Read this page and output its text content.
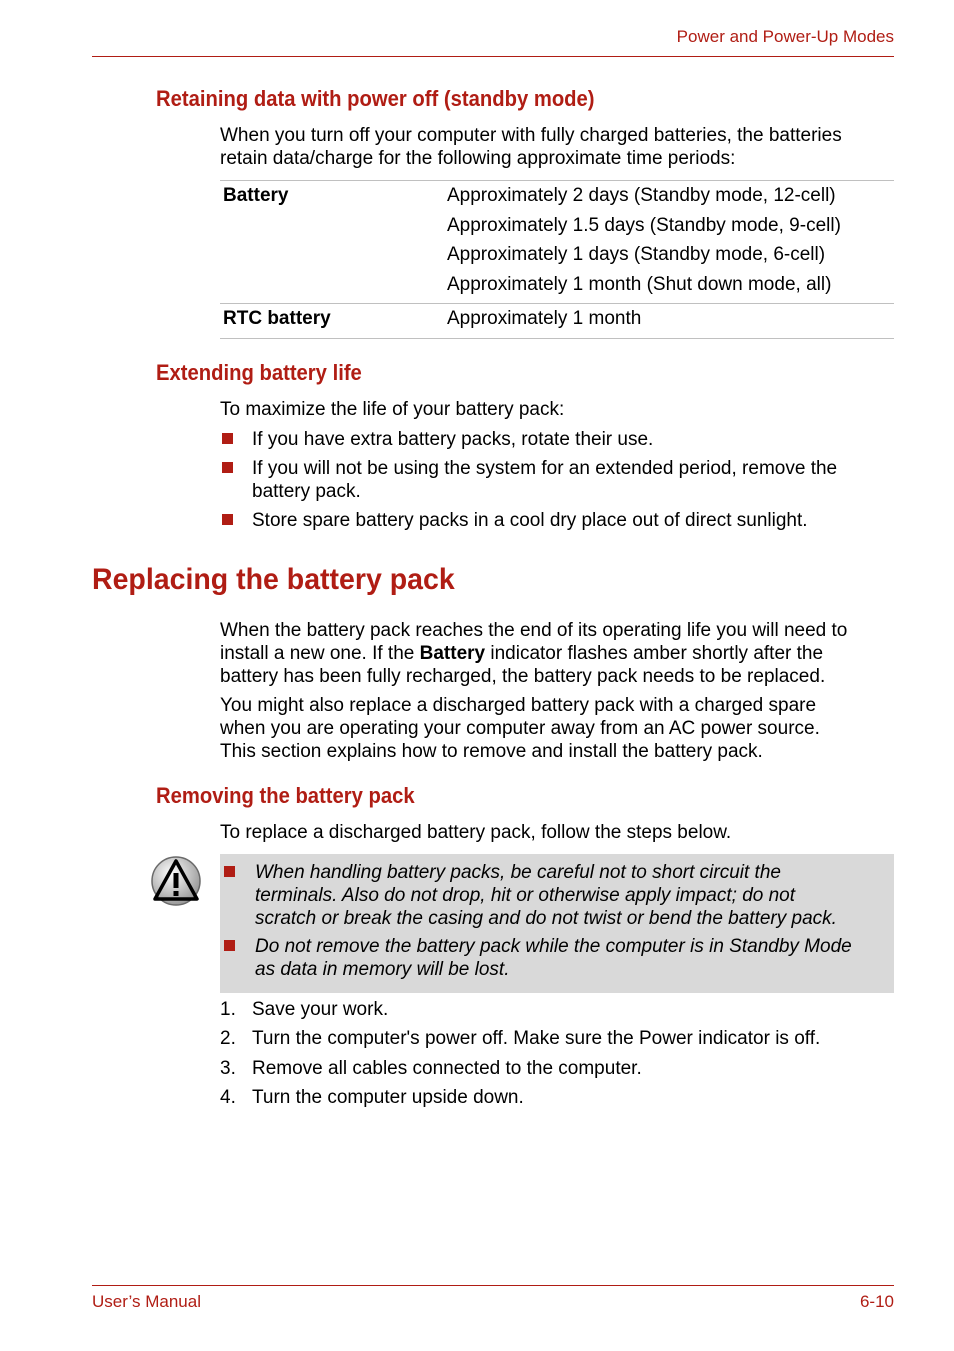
Power and Power-Up Modes
Retaining data with power off (standby mode)
When you turn off your computer with fully charged batteries, the batteries
retain data/charge for the following approximate time periods:
Battery	Approximately 2 days (Standby mode, 12-cell)
Approximately 1.5 days (Standby mode, 9-cell)
Approximately 1 days (Standby mode, 6-cell)
Approximately 1 month (Shut down mode, all)
RTC battery	Approximately 1 month
Extending battery life
To maximize the life of your battery pack:
If you have extra battery packs, rotate their use.
If you will not be using the system for an extended period, remove the
battery pack.
Store spare battery packs in a cool dry place out of direct sunlight.
Replacing the battery pack
When the battery pack reaches the end of its operating life you will need to
install a new one. If the Battery indicator flashes amber shortly after the
battery has been fully recharged, the battery pack needs to be replaced.
You might also replace a discharged battery pack with a charged spare
when you are operating your computer away from an AC power source.
This section explains how to remove and install the battery pack.
Removing the battery pack
To replace a discharged battery pack, follow the steps below.
When handling battery packs, be careful not to short circuit the
terminals. Also do not drop, hit or otherwise apply impact; do not
scratch or break the casing and do not twist or bend the battery pack.
Do not remove the battery pack while the computer is in Standby Mode
as data in memory will be lost.
1. Save your work.
2. Turn the computer's power off. Make sure the Power indicator is off.
3. Remove all cables connected to the computer.
4. Turn the computer upside down.
User’s Manual	6-10
